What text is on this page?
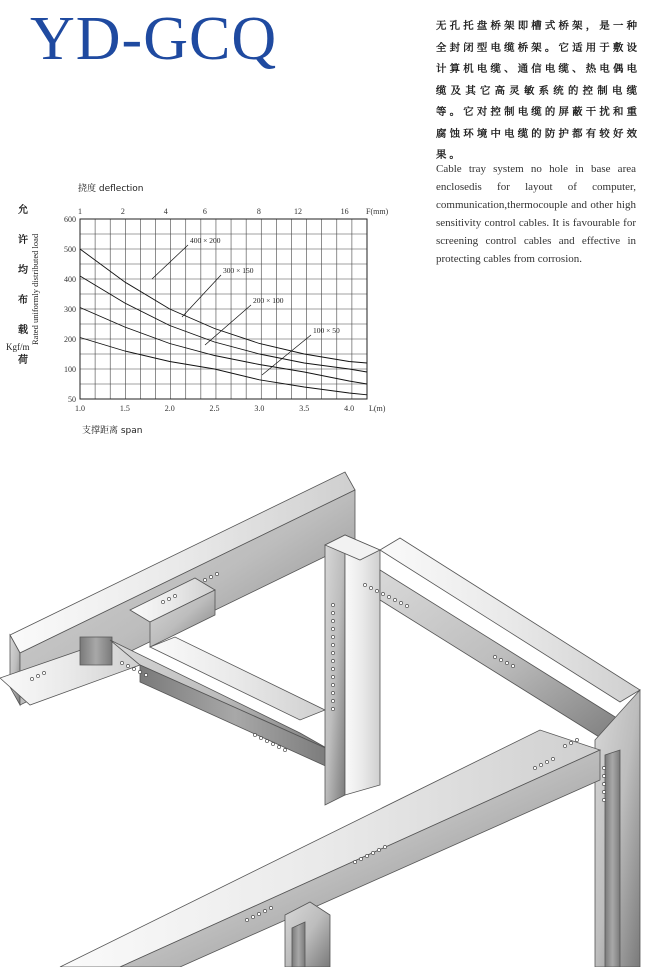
YD-GCQ	无孔托盘桥架即槽式桥架，是一种全封闭型电缆桥架。它适用于敷设计算机电缆、通信电缆、热电偶电缆及其它高灵敏系统的控制电缆等。它对控制电缆的屏蔽干扰和重腐蚀环境中电缆的防护都有较好效果。
Cable tray system no hole in base area enclosedis for layout of computer, communication,thermocouple and other high sensitivity control cables. It is favourable for screening control cables and effective in protecting cables from corrosion.
600
500
400
300
200
100
50
1.0	1.5	2.0	2.5	3.0	3.5	4.0 L(m)
1	2	4	6	8	12	16 F(mm)
挠度 deflection
支撑距离 span
允
许
均
布
载
荷
Rated uniformly distributed load
Kgf/m
400 × 200
300 × 150
200 × 100
100 × 50
